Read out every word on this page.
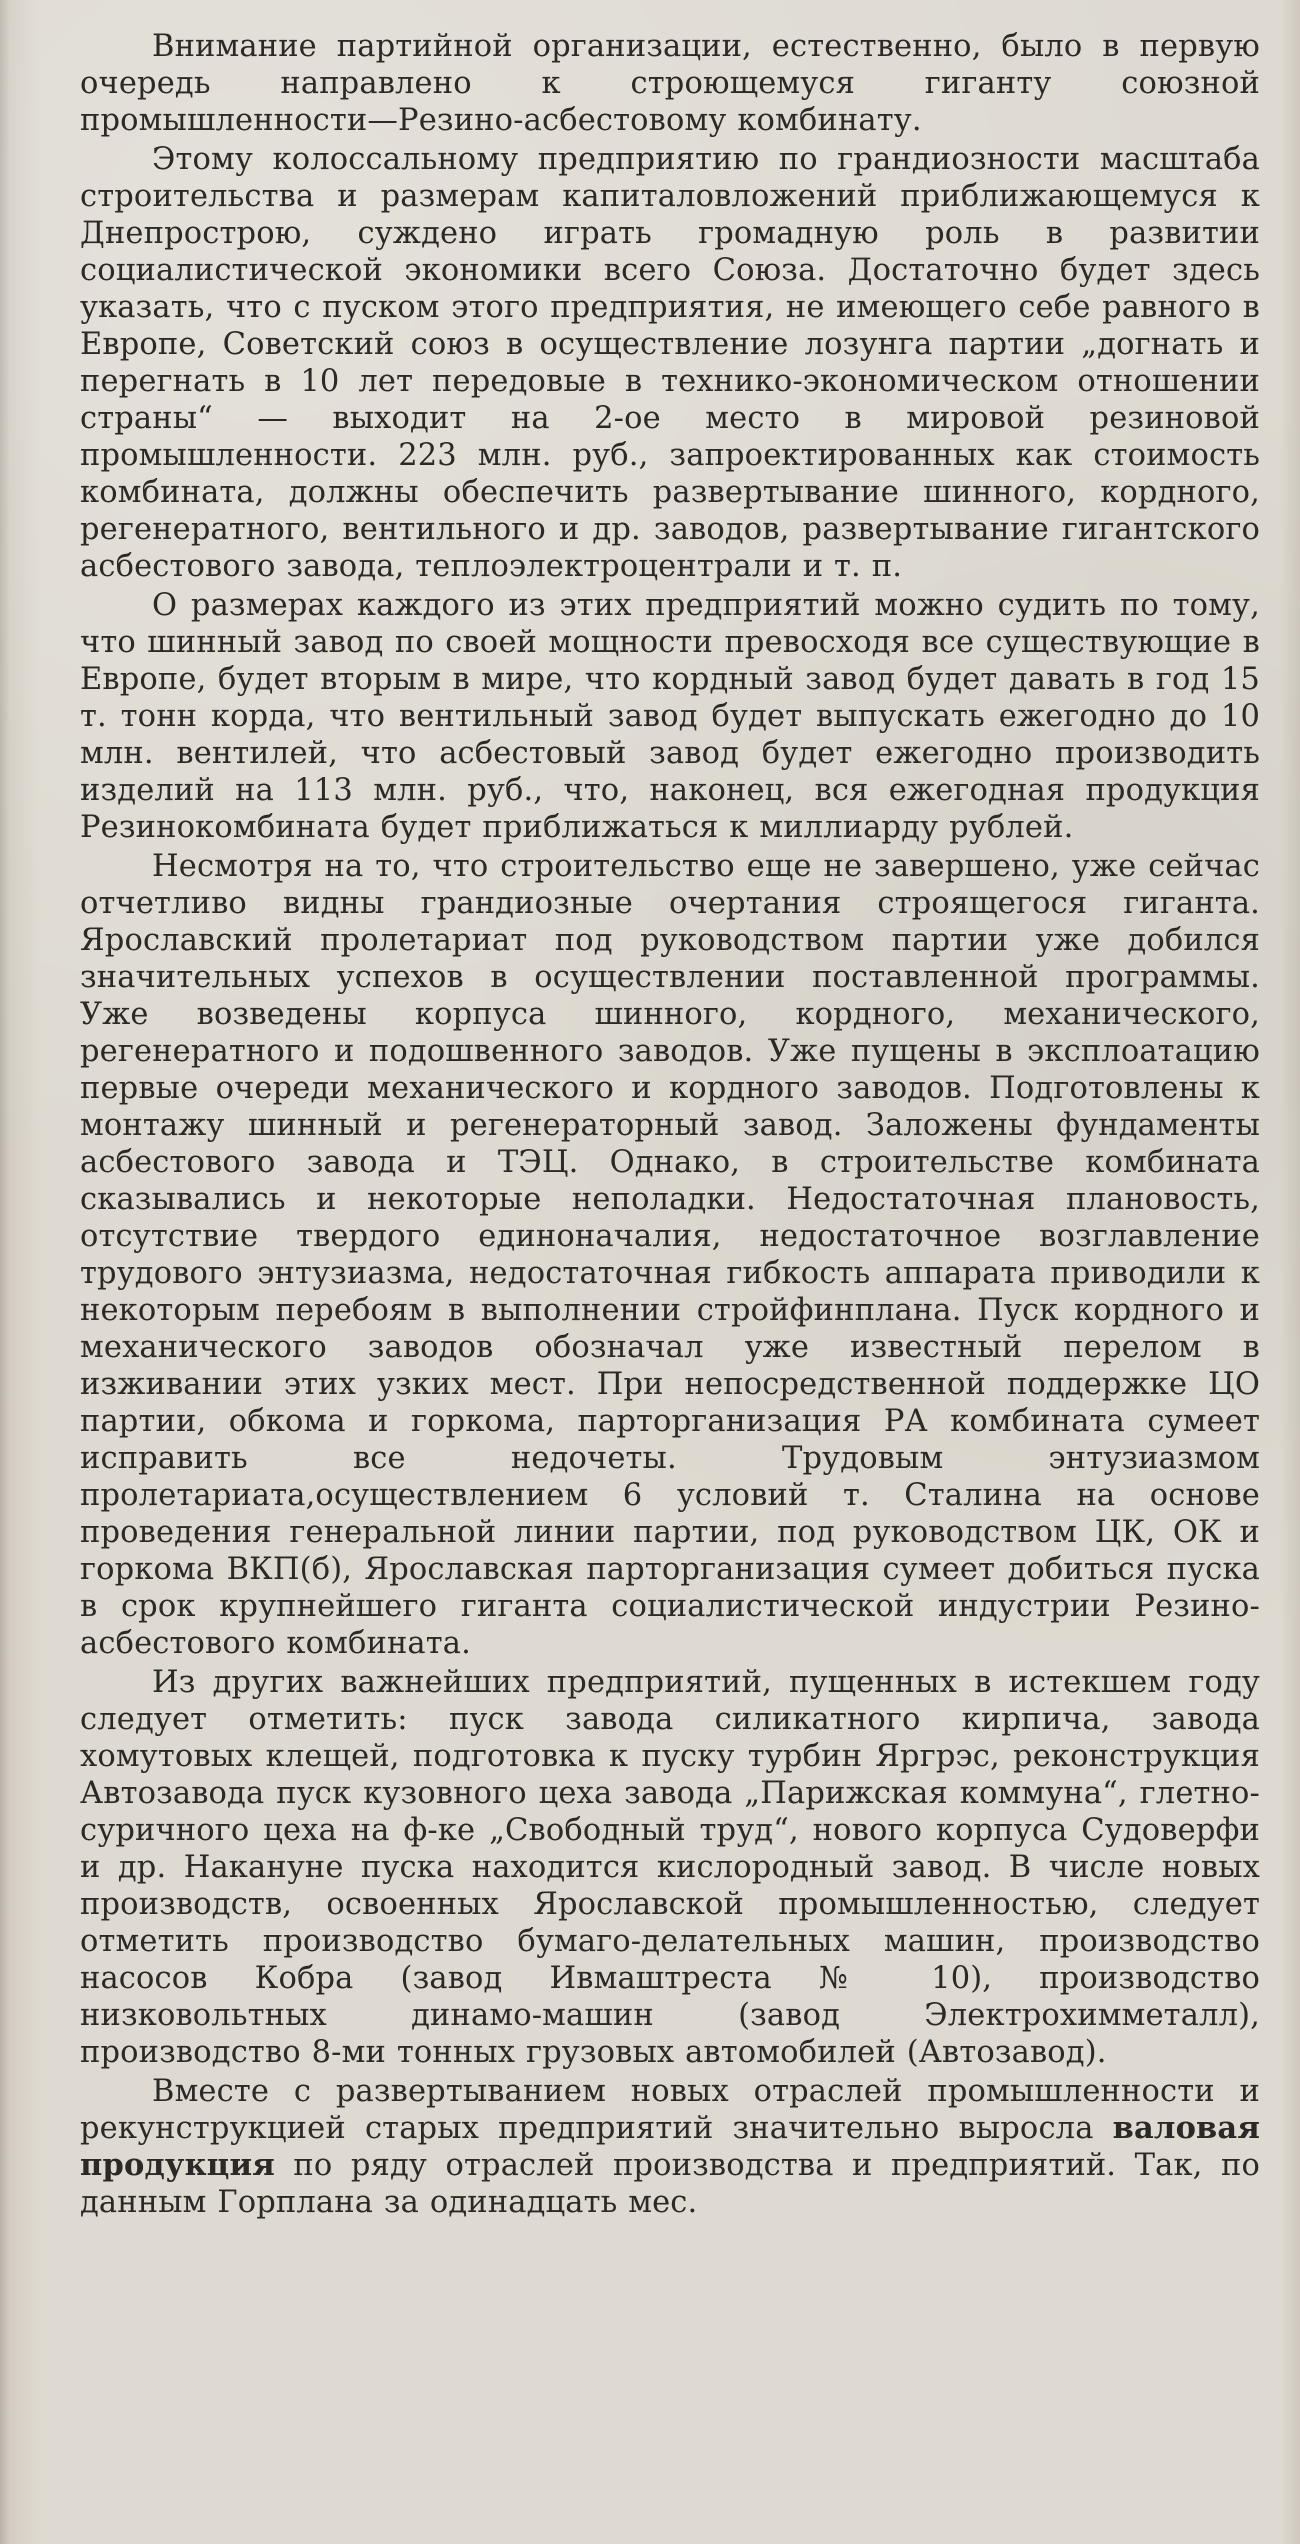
Внимание партийной организации, естественно, было в первую очередь направлено к строющемуся гиганту союзной промышленности—Резино-асбестовому комбинату.

Этому колоссальному предприятию по грандиозности масштаба строительства и размерам капиталовложений приближающемуся к Днепрострою, суждено играть громадную роль в развитии социалистической экономики всего Союза. Достаточно будет здесь указать, что с пуском этого предприятия, не имеющего себе равного в Европе, Советский союз в осуществление лозунга партии „догнать и перегнать в 10 лет передовые в технико-экономическом отношении страны“ — выходит на 2-ое место в мировой резиновой промышленности. 223 млн. руб., запроектированных как стоимость комбината, должны обеспечить развертывание шинного, кордного, регенератного, вентильного и др. заводов, развертывание гигантского асбестового завода, теплоэлектроцентрали и т. п.

О размерах каждого из этих предприятий можно судить по тому, что шинный завод по своей мощности превосходя все существующие в Европе, будет вторым в мире, что кордный завод будет давать в год 15 т. тонн корда, что вентильный завод будет выпускать ежегодно до 10 млн. вентилей, что асбестовый завод будет ежегодно производить изделий на 113 млн. руб., что, наконец, вся ежегодная продукция Резинокомбината будет приближаться к миллиарду рублей.

Несмотря на то, что строительство еще не завершено, уже сейчас отчетливо видны грандиозные очертания строящегося гиганта. Ярославский пролетариат под руководством партии уже добился значительных успехов в осуществлении поставленной программы. Уже возведены корпуса шинного, кордного, механического, регенератного и подошвенного заводов. Уже пущены в эксплоатацию первые очереди механического и кордного заводов. Подготовлены к монтажу шинный и регенераторный завод. Заложены фундаменты асбестового завода и ТЭЦ. Однако, в строительстве комбината сказывались и некоторые неполадки. Недостаточная плановость, отсутствие твердого единоначалия, недостаточное возглавление трудового энтузиазма, недостаточная гибкость аппарата приводили к некоторым перебоям в выполнении стройфинплана. Пуск кордного и механического заводов обозначал уже известный перелом в изживании этих узких мест. При непосредственной поддержке ЦО партии, обкома и горкома, парторганизация РА комбината сумеет исправить все недочеты. Трудовым энтузиазмом пролетариата,осуществлением 6 условий т. Сталина на основе проведения генеральной линии партии, под руководством ЦК, ОК и горкома ВКП(б), Ярославская парторганизация сумеет добиться пуска в срок крупнейшего гиганта социалистической индустрии Резино-асбестового комбината.

Из других важнейших предприятий, пущенных в истекшем году следует отметить: пуск завода силикатного кирпича, завода хомутовых клещей, подготовка к пуску турбин Яргрэс, реконструкция Автозавода пуск кузовного цеха завода „Парижская коммуна“, глетно-суричного цеха на ф-ке „Свободный труд“, нового корпуса Судоверфи и др. Накануне пуска находится кислородный завод. В числе новых производств, освоенных Ярославской промышленностью, следует отметить производство бумаго-делательных машин, производство насосов Кобра (завод Ивмаштреста № 10), производство низковольтных динамо-машин (завод Электрохимметалл), производство 8-ми тонных грузовых автомобилей (Автозавод).

Вместе с развертыванием новых отраслей промышленности и рекунструкцией старых предприятий значительно выросла валовая продукция по ряду отраслей производства и предприятий. Так, по данным Горплана за одинадцать мес.
